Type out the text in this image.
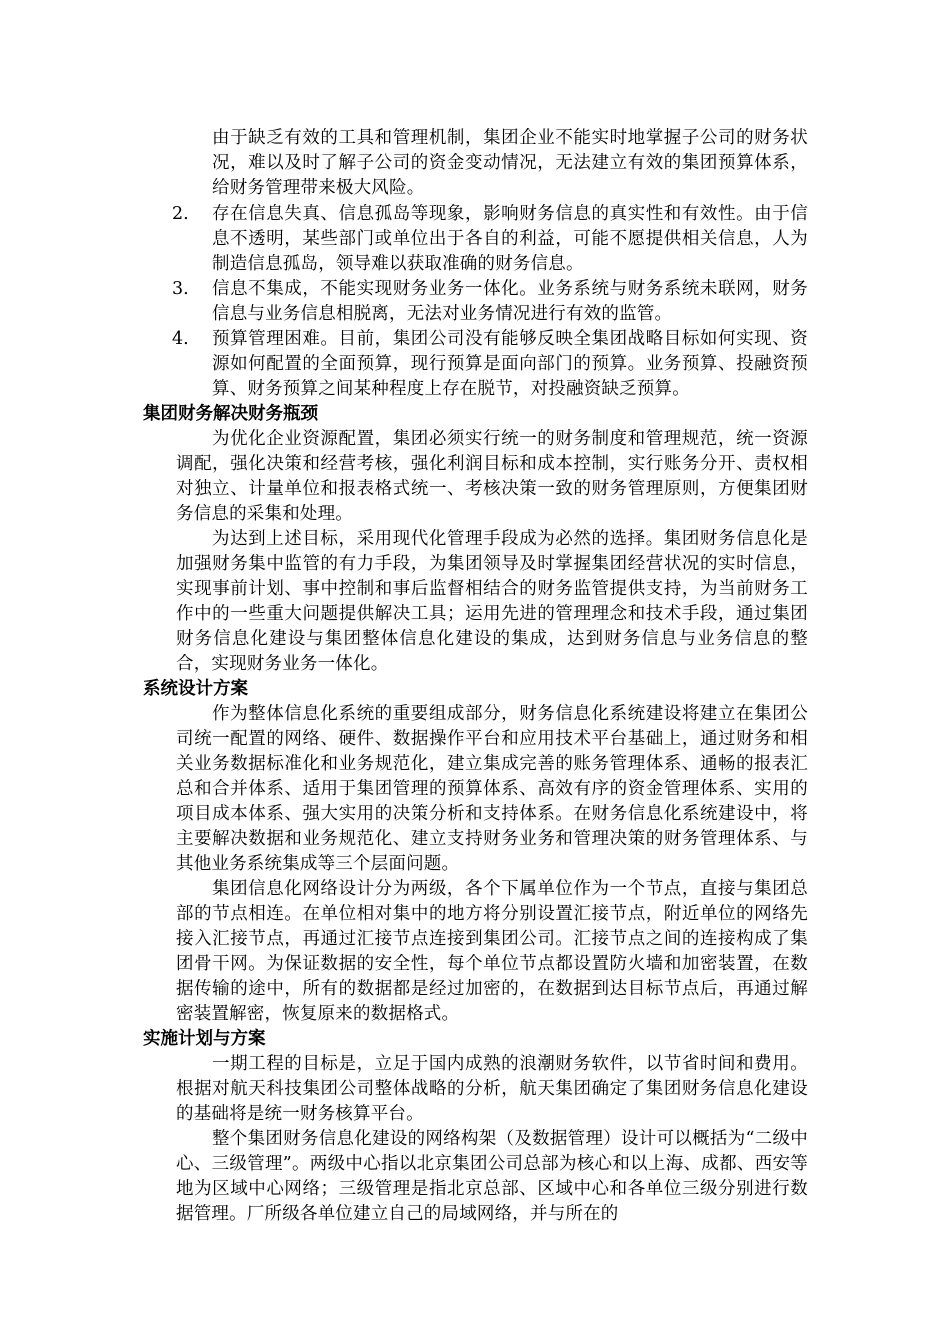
由于缺乏有效的工具和管理机制，集团企业不能实时地掌握子公司的财务状况，难以及时了解子公司的资金变动情况，无法建立有效的集团预算体系，给财务管理带来极大风险。
2. 存在信息失真、信息孤岛等现象，影响财务信息的真实性和有效性。由于信息不透明，某些部门或单位出于各自的利益，可能不愿提供相关信息，人为制造信息孤岛，领导难以获取准确的财务信息。
3. 信息不集成，不能实现财务业务一体化。业务系统与财务系统未联网，财务信息与业务信息相脱离，无法对业务情况进行有效的监管。
4. 预算管理困难。目前，集团公司没有能够反映全集团战略目标如何实现、资源如何配置的全面预算，现行预算是面向部门的预算。业务预算、投融资预算、财务预算之间某种程度上存在脱节，对投融资缺乏预算。
集团财务解决财务瓶颈
为优化企业资源配置，集团必须实行统一的财务制度和管理规范，统一资源调配，强化决策和经营考核，强化利润目标和成本控制，实行账务分开、责权相对独立、计量单位和报表格式统一、考核决策一致的财务管理原则，方便集团财务信息的采集和处理。
为达到上述目标，采用现代化管理手段成为必然的选择。集团财务信息化是加强财务集中监管的有力手段，为集团领导及时掌握集团经营状况的实时信息，实现事前计划、事中控制和事后监督相结合的财务监管提供支持，为当前财务工作中的一些重大问题提供解决工具；运用先进的管理理念和技术手段，通过集团财务信息化建设与集团整体信息化建设的集成，达到财务信息与业务信息的整合，实现财务业务一体化。
系统设计方案
作为整体信息化系统的重要组成部分，财务信息化系统建设将建立在集团公司统一配置的网络、硬件、数据操作平台和应用技术平台基础上，通过财务和相关业务数据标准化和业务规范化，建立集成完善的账务管理体系、通畅的报表汇总和合并体系、适用于集团管理的预算体系、高效有序的资金管理体系、实用的项目成本体系、强大实用的决策分析和支持体系。在财务信息化系统建设中，将主要解决数据和业务规范化、建立支持财务业务和管理决策的财务管理体系、与其他业务系统集成等三个层面问题。
集团信息化网络设计分为两级，各个下属单位作为一个节点，直接与集团总部的节点相连。在单位相对集中的地方将分别设置汇接节点，附近单位的网络先接入汇接节点，再通过汇接节点连接到集团公司。汇接节点之间的连接构成了集团骨干网。为保证数据的安全性，每个单位节点都设置防火墙和加密装置，在数据传输的途中，所有的数据都是经过加密的，在数据到达目标节点后，再通过解密装置解密，恢复原来的数据格式。
实施计划与方案
一期工程的目标是，立足于国内成熟的浪潮财务软件，以节省时间和费用。根据对航天科技集团公司整体战略的分析，航天集团确定了集团财务信息化建设的基础将是统一财务核算平台。
整个集团财务信息化建设的网络构架（及数据管理）设计可以概括为“二级中心、三级管理”。两级中心指以北京集团公司总部为核心和以上海、成都、西安等地为区域中心网络；三级管理是指北京总部、区域中心和各单位三级分别进行数据管理。厂所级各单位建立自己的局域网络，并与所在的
